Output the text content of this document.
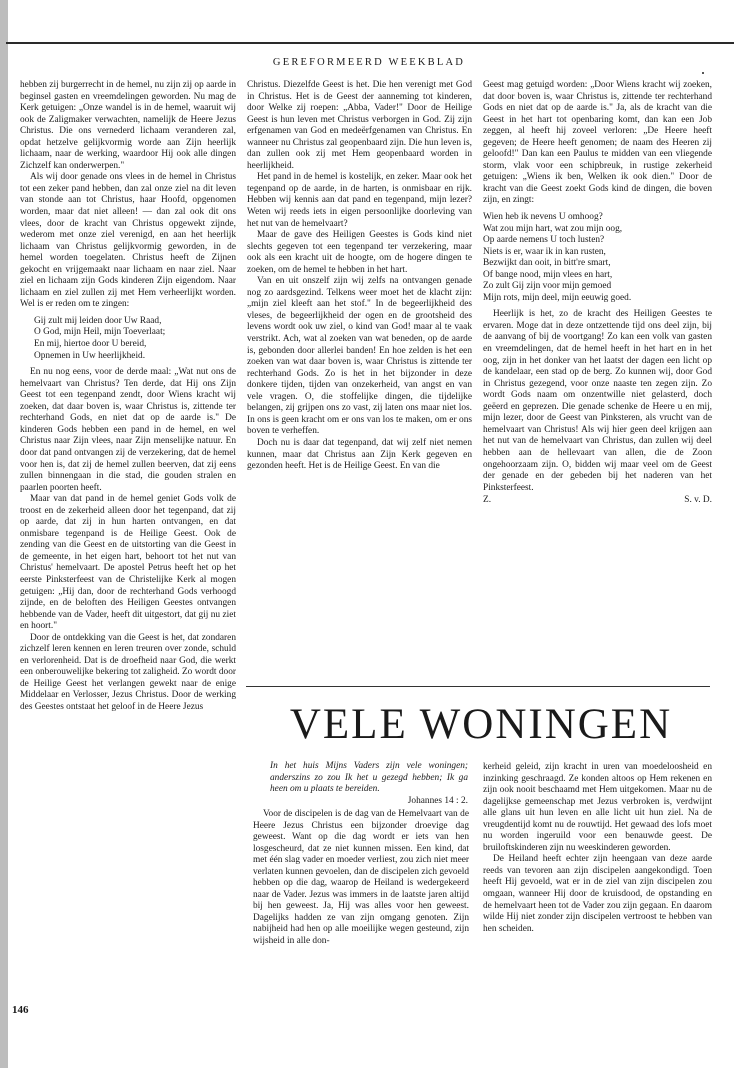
GEREFORMEERD WEEKBLAD

hebben zij burgerrecht in de hemel, nu zijn zij op aarde in beginsel gasten en vreemdelingen geworden. Nu mag de Kerk getuigen: „Onze wandel is in de hemel, waaruit wij ook de Zaligmaker verwachten, namelijk de Heere Jezus Christus. Die ons vernederd lichaam veranderen zal, opdat hetzelve gelijkvormig worde aan Zijn heerlijk lichaam, naar de werking, waardoor Hij ook alle dingen Zichzelf kan onderwerpen."

Als wij door genade ons vlees in de hemel in Christus tot een zeker pand hebben, dan zal onze ziel na dit leven van stonde aan tot Christus, haar Hoofd, opgenomen worden, maar dat niet alleen! — dan zal ook dit ons vlees, door de kracht van Christus opgewekt zijnde, wederom met onze ziel verenigd, en aan het heerlijk lichaam van Christus gelijkvormig geworden, in de hemel worden toegelaten. Christus heeft de Zijnen gekocht en vrijgemaakt naar lichaam en naar ziel. Naar ziel en lichaam zijn Gods kinderen Zijn eigendom. Naar lichaam en ziel zullen zij met Hem verheerlijkt worden. Wel is er reden om te zingen:

Gij zult mij leiden door Uw Raad,
O God, mijn Heil, mijn Toeverlaat;
En mij, hiertoe door U bereid,
Opnemen in Uw heerlijkheid.

En nu nog eens, voor de derde maal: „Wat nut ons de hemelvaart van Christus? Ten derde, dat Hij ons Zijn Geest tot een tegenpand zendt, door Wiens kracht wij zoeken, dat daar boven is, waar Christus is, zittende ter rechterhand Gods, en niet dat op de aarde is." De kinderen Gods hebben een pand in de hemel, en wel Christus naar Zijn vlees, naar Zijn menselijke natuur. En door dat pand ontvangen zij de verzekering, dat de hemel voor hen is, dat zij de hemel zullen beerven, dat zij eens zullen binnengaan in die stad, die gouden stralen en paarlen poorten heeft.

Maar van dat pand in de hemel geniet Gods volk de troost en de zekerheid alleen door het tegenpand, dat zij op aarde, dat zij in hun harten ontvangen, en dat onmisbare tegenpand is de Heilige Geest. Ook de zending van die Geest en de uitstorting van die Geest in de gemeente, in het eigen hart, behoort tot het nut van Christus' hemelvaart. De apostel Petrus heeft het op het eerste Pinksterfeest van de Christelijke Kerk al mogen getuigen: „Hij dan, door de rechterhand Gods verhoogd zijnde, en de beloften des Heiligen Geestes ontvangen hebbende van de Vader, heeft dit uitgestort, dat gij nu ziet en hoort."

Door de ontdekking van die Geest is het, dat zondaren zichzelf leren kennen en leren treuren over zonde, schuld en verlorenheid. Dat is de droefheid naar God, die werkt een onberouwelijke bekering tot zaligheid. Zo wordt door de Heilige Geest het verlangen gewekt naar de enige Middelaar en Verlosser, Jezus Christus. Door de werking des Geestes ontstaat het geloof in de Heere Jezus

Christus. Diezelfde Geest is het. Die hen verenigt met God in Christus. Het is de Geest der aanneming tot kinderen, door Welke zij roepen: „Abba, Vader!" Door de Heilige Geest is hun leven met Christus verborgen in God. Zij zijn erfgenamen van God en medeërfgenamen van Christus. En wanneer nu Christus zal geopenbaard zijn. Die hun leven is, dan zullen ook zij met Hem geopenbaard worden in heerlijkheid.

Het pand in de hemel is kostelijk, en zeker. Maar ook het tegenpand op de aarde, in de harten, is onmisbaar en rijk. Hebben wij kennis aan dat pand en tegenpand, mijn lezer? Weten wij reeds iets in eigen persoonlijke doorleving van het nut van de hemelvaart?

Maar de gave des Heiligen Geestes is Gods kind niet slechts gegeven tot een tegenpand ter verzekering, maar ook als een kracht uit de hoogte, om de hogere dingen te zoeken, om de hemel te hebben in het hart.

Van en uit onszelf zijn wij zelfs na ontvangen genade nog zo aardsgezind. Telkens weer moet het de klacht zijn: „mijn ziel kleeft aan het stof." In de begeerlijkheid des vleses, de begeerlijkheid der ogen en de grootsheid des levens wordt ook uw ziel, o kind van God! maar al te vaak verstrikt. Ach, wat al zoeken van wat beneden, op de aarde is, gebonden door allerlei banden! En hoe zelden is het een zoeken van wat daar boven is, waar Christus is zittende ter rechterhand Gods. Zo is het in het bijzonder in deze donkere tijden, tijden van onzekerheid, van angst en van vele vragen. O, die stoffelijke dingen, die tijdelijke belangen, zij grijpen ons zo vast, zij laten ons maar niet los. In ons is geen kracht om er ons van los te maken, om er ons boven te verheffen.

Doch nu is daar dat tegenpand, dat wij zelf niet nemen kunnen, maar dat Christus aan Zijn Kerk gegeven en gezonden heeft. Het is de Heilige Geest. En van die

Geest mag getuigd worden: „Door Wiens kracht wij zoeken, dat door boven is, waar Christus is, zittende ter rechterhand Gods en niet dat op de aarde is." Ja, als de kracht van die Geest in het hart tot openbaring komt, dan kan een Job zeggen, al heeft hij zoveel verloren: „De Heere heeft gegeven; de Heere heeft genomen; de naam des Heeren zij geloofd!" Dan kan een Paulus te midden van een vliegende storm, vlak voor een schipbreuk, in rustige zekerheid getuigen: „Wiens ik ben, Welken ik ook dien." Door de kracht van die Geest zoekt Gods kind de dingen, die boven zijn, en zingt:

Wien heb ik nevens U omhoog?
Wat zou mijn hart, wat zou mijn oog,
Op aarde nemens U toch lusten?
Niets is er, waar ik in kan rusten,
Bezwijkt dan ooit, in bitt're smart,
Of bange nood, mijn vlees en hart,
Zo zult Gij zijn voor mijn gemoed
Mijn rots, mijn deel, mijn eeuwig goed.

Heerlijk is het, zo de kracht des Heiligen Geestes te ervaren. Moge dat in deze ontzettende tijd ons deel zijn, bij de aanvang of bij de voortgang! Zo kan een volk van gasten en vreemdelingen, dat de hemel heeft in het hart en in het oog, zijn in het donker van het laatst der dagen een licht op de kandelaar, een stad op de berg. Zo kunnen wij, door God in Christus gezegend, voor onze naaste ten zegen zijn. Zo wordt Gods naam om onzentwille niet gelasterd, doch geëerd en geprezen. Die genade schenke de Heere u en mij, mijn lezer, door de Geest van Pinksteren, als vrucht van de hemelvaart van Christus! Als wij hier geen deel krijgen aan het nut van de hemelvaart van Christus, dan zullen wij deel hebben aan de hellevaart van allen, die de Zoon ongehoorzaam zijn. O, bidden wij maar veel om de Geest der genade en der gebeden bij het naderen van het Pinksterfeest.

Z.	S. v. D.
VELE WONINGEN
In het huis Mijns Vaders zijn vele woningen; anderszins zo zou Ik het u gezegd hebben; Ik ga heen om u plaats te bereiden.
Johannes 14 : 2.

Voor de discipelen is de dag van de Hemelvaart van de Heere Jezus Christus een bijzonder droevige dag geweest. Want op die dag wordt er iets van hen losgescheurd, dat ze niet kunnen missen. Een kind, dat met één slag vader en moeder verliest, zou zich niet meer verlaten kunnen gevoelen, dan de discipelen zich gevoeld hebben op die dag, waarop de Heiland is wedergekeerd naar de Vader. Jezus was immers in de laatste jaren altijd bij hen geweest. Ja, Hij was alles voor hen geweest. Dagelijks hadden ze van zijn omgang genoten. Zijn nabijheid had hen op alle moeilijke wegen gesteund, zijn wijsheid in alle don-

kerheid geleid, zijn kracht in uren van moedeloosheid en inzinking geschraagd. Ze konden altoos op Hem rekenen en zijn ook nooit beschaamd met Hem uitgekomen. Maar nu de dagelijkse gemeenschap met Jezus verbroken is, verdwijnt alle glans uit hun leven en alle licht uit hun ziel. Na de vreugdentijd komt nu de rouwtijd. Het gewaad des lofs moet nu worden ingeruild voor een benauwde geest. De bruiloftskinderen zijn nu weeskinderen geworden.

De Heiland heeft echter zijn heengaan van deze aarde reeds van tevoren aan zijn discipelen aangekondigd. Toen heeft Hij gevoeld, wat er in de ziel van zijn discipelen zou omgaan, wanneer Hij door de kruisdood, de opstanding en de hemelvaart heen tot de Vader zou zijn gegaan. En daarom wilde Hij niet zonder zijn discipelen vertroost te hebben van hen scheiden.

146
